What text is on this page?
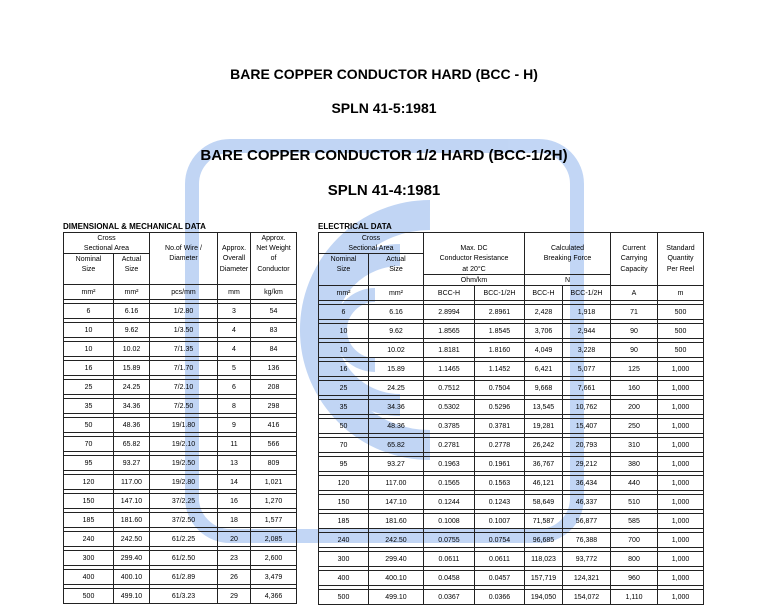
BARE COPPER CONDUCTOR HARD (BCC - H)
SPLN 41-5:1981
BARE COPPER CONDUCTOR 1/2 HARD (BCC-1/2H)
SPLN 41-4:1981
DIMENSIONAL & MECHANICAL DATA	ELECTRICAL DATA
Cross				Approx.
Sectional Area		No.of Wire /	Approx.	Net Weight
Nominal	Actual	Diameter	Overall	of
Size	Size		Diameter	Conductor

mm²	mm²	pcs/mm	mm	kg/km

6	6.16	1/2.80	3	54

10	9.62	1/3.50	4	83

10	10.02	7/1.35	4	84

16	15.89	7/1.70	5	136

25	24.25	7/2.10	6	208

35	34.36	7/2.50	8	298

50	48.36	19/1.80	9	416

70	65.82	19/2.10	11	566

95	93.27	19/2.50	13	809

120	117.00	19/2.80	14	1,021

150	147.10	37/2.25	16	1,270

185	181.60	37/2.50	18	1,577

240	242.50	61/2.25	20	2,085

300	299.40	61/2.50	23	2,600

400	400.10	61/2.89	26	3,479

500	499.10	61/3.23	29	4,366
Cross							
Sectional Area		Max. DC		Calculated		Current	Standard
Nominal	Actual	Conductor Resistance		Breaking Force		Carrying	Quantity
Size	Size	at 20°C				Capacity	Per Reel
		Ohm/km		N			
mm²	mm²	BCC-H	BCC-1/2H	BCC-H	BCC-1/2H	A	m

6	6.16	2.8994	2.8961	2,428	1,918	71	500

10	9.62	1.8565	1.8545	3,706	2,944	90	500

10	10.02	1.8181	1.8160	4,049	3,228	90	500

16	15.89	1.1465	1.1452	6,421	5,077	125	1,000

25	24.25	0.7512	0.7504	9,668	7,661	160	1,000

35	34.36	0.5302	0.5296	13,545	10,762	200	1,000

50	48.36	0.3785	0.3781	19,281	15,407	250	1,000

70	65.82	0.2781	0.2778	26,242	20,793	310	1,000

95	93.27	0.1963	0.1961	36,767	29,212	380	1,000

120	117.00	0.1565	0.1563	46,121	36,434	440	1,000

150	147.10	0.1244	0.1243	58,649	46,337	510	1,000

185	181.60	0.1008	0.1007	71,587	56,877	585	1,000

240	242.50	0.0755	0.0754	96,685	76,388	700	1,000

300	299.40	0.0611	0.0611	118,023	93,772	800	1,000

400	400.10	0.0458	0.0457	157,719	124,321	960	1,000

500	499.10	0.0367	0.0366	194,050	154,072	1,110	1,000
